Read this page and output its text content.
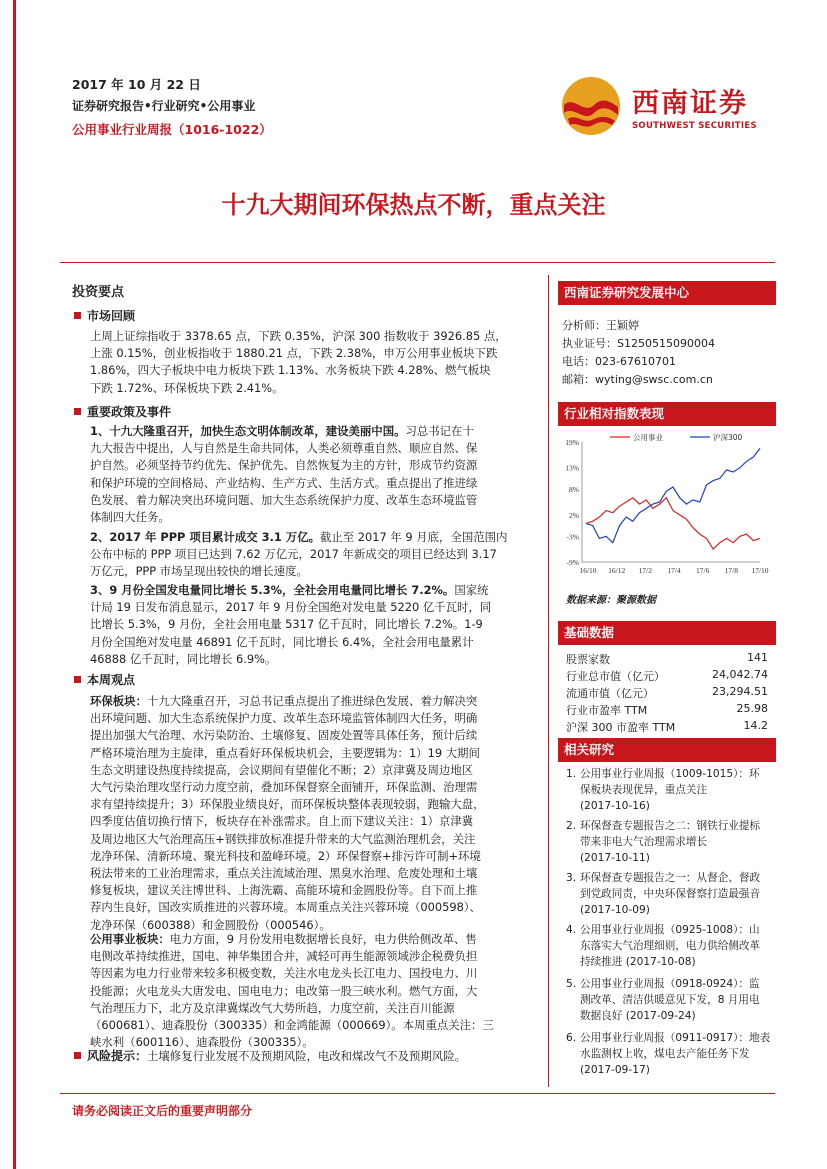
2017 年 10 月 22 日
证券研究报告•行业研究•公用事业
公用事业行业周报（1016-1022）
西南证券
SOUTHWEST SECURITIES
十九大期间环保热点不断，重点关注
投资要点
市场回顾
上周上证综指收于 3378.65 点，下跌 0.35%，沪深 300 指数收于 3926.85 点，
上涨 0.15%，创业板指收于 1880.21 点，下跌 2.38%，申万公用事业板块下跌
1.86%，四大子板块中电力板块下跌 1.13%、水务板块下跌 4.28%、燃气板块
下跌 1.72%、环保板块下跌 2.41%。
重要政策及事件
1、十九大隆重召开，加快生态文明体制改革，建设美丽中国。习总书记在十
九大报告中提出，人与自然是生命共同体，人类必须尊重自然、顺应自然、保
护自然。必须坚持节约优先、保护优先、自然恢复为主的方针，形成节约资源
和保护环境的空间格局、产业结构、生产方式、生活方式。重点提出了推进绿
色发展、着力解决突出环境问题、加大生态系统保护力度、改革生态环境监管
体制四大任务。
2、2017 年 PPP 项目累计成交 3.1 万亿。截止至 2017 年 9 月底，全国范围内
公布中标的 PPP 项目已达到 7.62 万亿元，2017 年新成交的项目已经达到 3.17
万亿元，PPP 市场呈现出较快的增长速度。
3、9 月份全国发电量同比增长 5.3%，全社会用电量同比增长 7.2%。国家统
计局 19 日发布消息显示，2017 年 9 月份全国绝对发电量 5220 亿千瓦时，同
比增长 5.3%，9 月份，全社会用电量 5317 亿千瓦时，同比增长 7.2%。1-9
月份全国绝对发电量 46891 亿千瓦时，同比增长 6.4%，全社会用电量累计
46888 亿千瓦时，同比增长 6.9%。
本周观点
环保板块：十九大隆重召开，习总书记重点提出了推进绿色发展、着力解决突
出环境问题、加大生态系统保护力度、改革生态环境监管体制四大任务，明确
提出加强大气治理、水污染防治、土壤修复、固废处置等具体任务，预计后续
严格环境治理为主旋律，重点看好环保板块机会，主要逻辑为：1）19 大期间
生态文明建设热度持续提高，会议期间有望催化不断；2）京津冀及周边地区
大气污染治理攻坚行动力度空前，叠加环保督察全面铺开，环保监测、治理需
求有望持续提升；3）环保股业绩良好，而环保板块整体表现较弱，跑输大盘，
四季度估值切换行情下，板块存在补涨需求。自上而下建议关注：1）京津冀
及周边地区大气治理高压+钢铁排放标准提升带来的大气监测治理机会，关注
龙净环保、清新环境、聚光科技和盈峰环境。2）环保督察+排污许可制+环境
税法带来的工业治理需求，重点关注流域治理、黑臭水治理、危废处理和土壤
修复板块，建议关注博世科、上海洗霸、高能环境和金圆股份等。自下而上推
荐内生良好，国改实质推进的兴蓉环境。本周重点关注兴蓉环境（000598）、
龙净环保（600388）和金圆股份（000546）。
公用事业板块：电力方面，9 月份发用电数据增长良好，电力供给侧改革、售
电侧改革持续推进，国电、神华集团合并，减轻可再生能源领域涉企税费负担
等因素为电力行业带来较多积极变数，关注水电龙头长江电力、国投电力、川
投能源；火电龙头大唐发电、国电电力；电改第一股三峡水利。燃气方面，大
气治理压力下，北方及京津冀煤改气大势所趋，力度空前，关注百川能源
（600681）、迪森股份（300335）和金鸿能源（000669）。本周重点关注：三
峡水利（600116）、迪森股份（300335）。
风险提示：土壤修复行业发展不及预期风险，电改和煤改气不及预期风险。
西南证券研究发展中心
分析师：王颖婷
执业证号：S1250515090004
电话：023-67610701
邮箱：wyting@swsc.com.cn
行业相对指数表现
19%
13%
8%
2%
-3%
-9%
16/10 16/12 17/2 17/4 17/6 17/8 17/10
公用事业	沪深300
数据来源：聚源数据
基础数据
股票家数	141
行业总市值（亿元）	24,042.74
流通市值（亿元）	23,294.51
行业市盈率 TTM	25.98
沪深 300 市盈率 TTM	14.2
相关研究
1. 公用事业行业周报（1009-1015）：环
保板块表现优异，重点关注
(2017-10-16)
2. 环保督查专题报告之二：钢铁行业提标
带来非电大气治理需求增长
(2017-10-11)
3. 环保督查专题报告之一：从督企、督政
到党政同责，中央环保督察打造最强音
(2017-10-09)
4. 公用事业行业周报（0925-1008）：山
东落实大气治理细则，电力供给侧改革
持续推进 (2017-10-08)
5. 公用事业行业周报（0918-0924）：监
测改革、清洁供暖意见下发，8 月用电
数据良好 (2017-09-24)
6. 公用事业行业周报（0911-0917）：地表
水监测权上收，煤电去产能任务下发
(2017-09-17)
请务必阅读正文后的重要声明部分
